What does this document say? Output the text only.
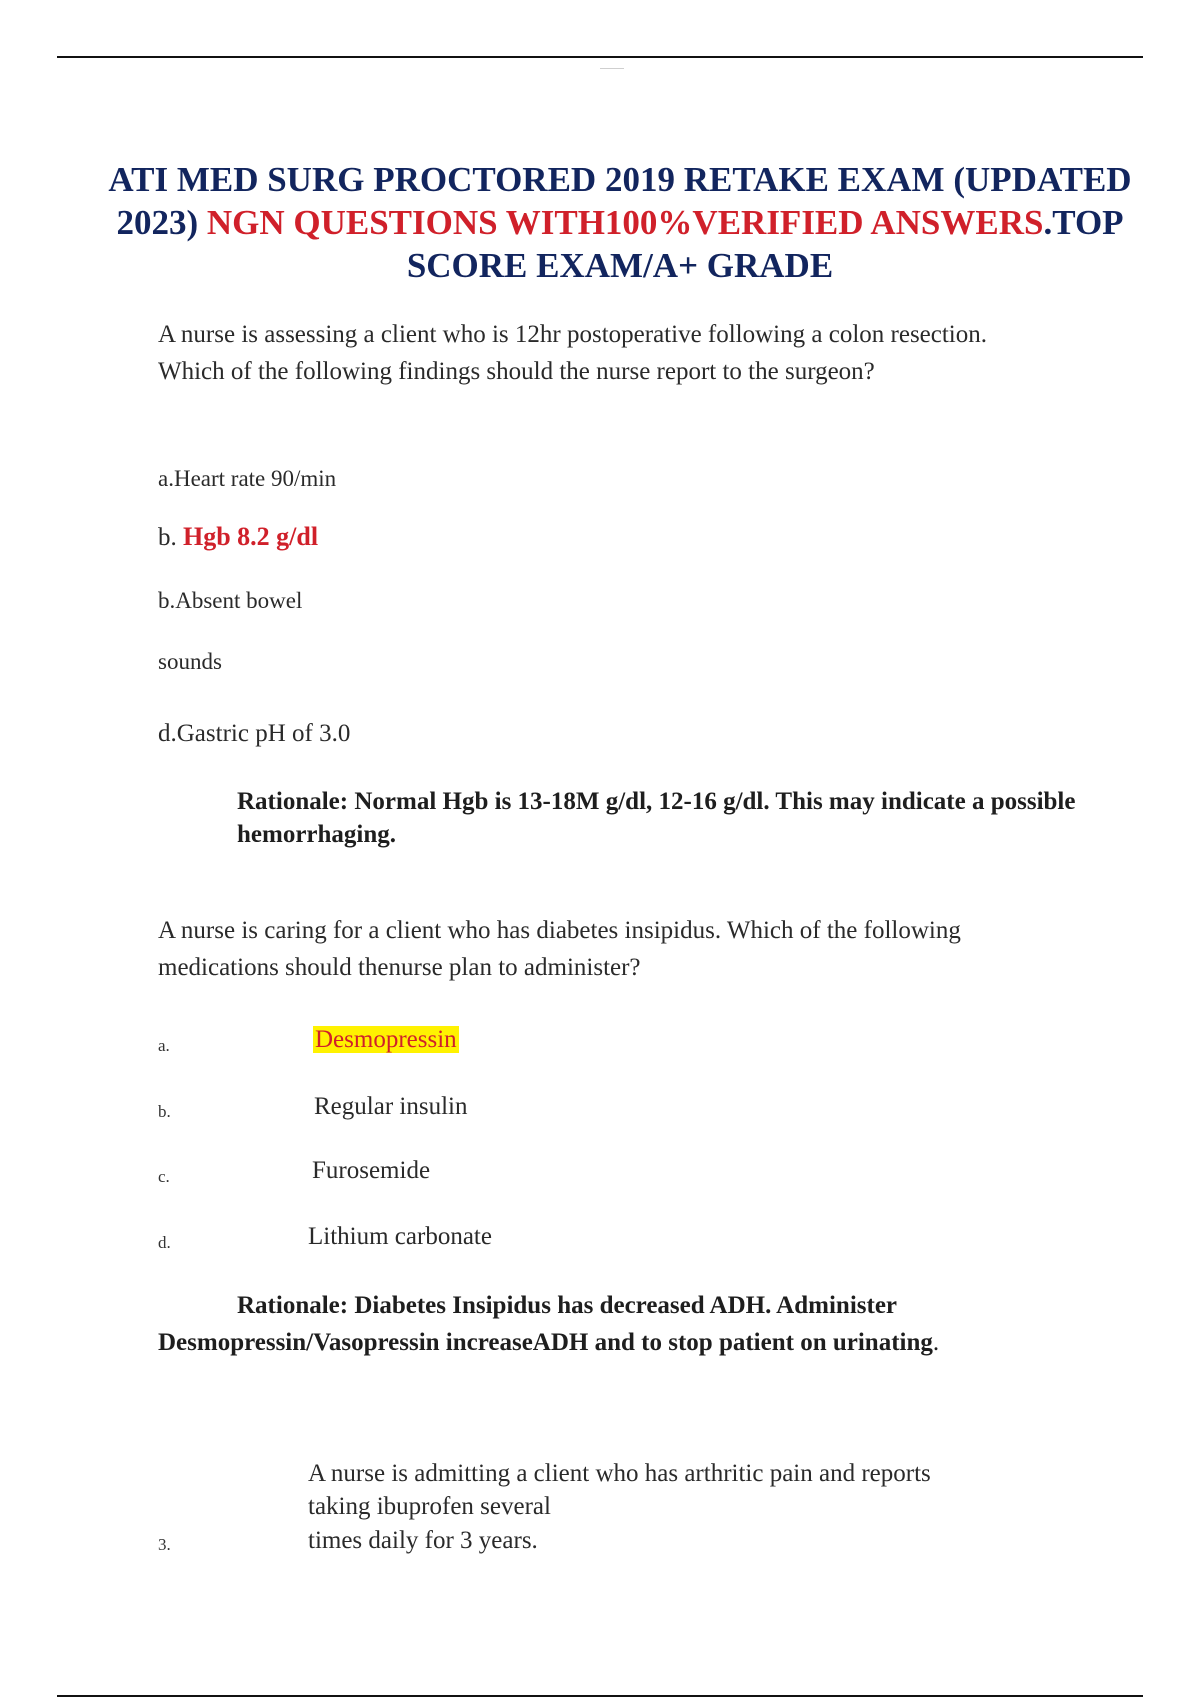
ATI MED SURG PROCTORED 2019 RETAKE EXAM (UPDATED 2023) NGN QUESTIONS WITH100%VERIFIED ANSWERS.TOP SCORE EXAM/A+ GRADE
A nurse is assessing a client who is 12hr postoperative following a colon resection. Which of the following findings should the nurse report to the surgeon?
a.Heart rate 90/min
b. Hgb 8.2 g/dl
b.Absent bowel
sounds
d.Gastric pH of 3.0
Rationale: Normal Hgb is 13-18M g/dl, 12-16 g/dl. This may indicate a possible hemorrhaging.
A nurse is caring for a client who has diabetes insipidus. Which of the following medications should thenurse plan to administer?
a.	Desmopressin
b.	Regular insulin
c.	Furosemide
d.	Lithium carbonate
Rationale: Diabetes Insipidus has decreased ADH. Administer
Desmopressin/Vasopressin increaseADH and to stop patient on urinating.
3.
A nurse is admitting a client who has arthritic pain and reports
taking ibuprofen several
times daily for 3 years.
